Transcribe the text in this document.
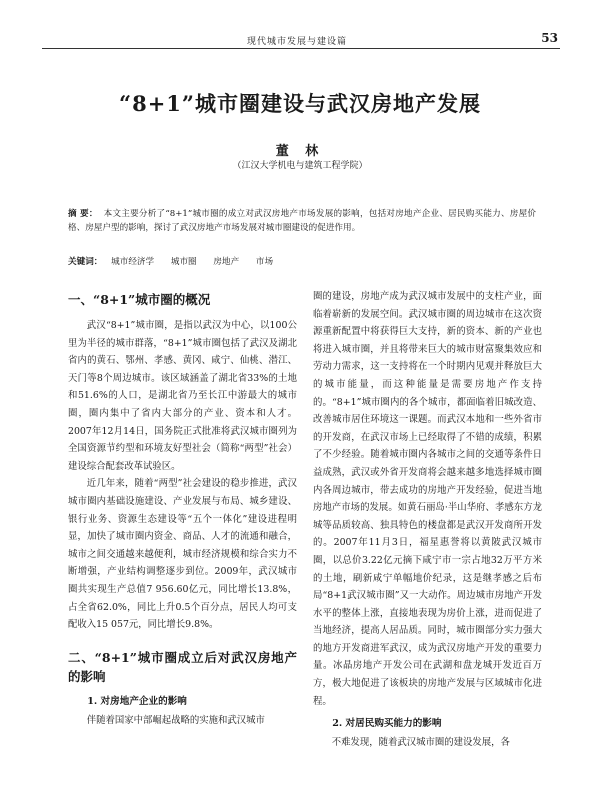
现代城市发展与建设篇	53
“8+1”城市圈建设与武汉房地产发展
董 林
（江汉大学机电与建筑工程学院）
摘 要： 本文主要分析了“8+1”城市圈的成立对武汉房地产市场发展的影响，包括对房地产企业、居民购买能力、房屋价格、房屋户型的影响，探讨了武汉房地产市场发展对城市圈建设的促进作用。
关键词： 城市经济学 城市圈 房地产 市场
一、“8+1”城市圈的概况

武汉“8+1”城市圈，是指以武汉为中心，以100公里为半径的城市群落，“8+1”城市圈包括了武汉及湖北省内的黄石、鄂州、孝感、黄冈、咸宁、仙桃、潜江、天门等8个周边城市。该区域涵盖了湖北省33%的土地和51.6%的人口，是湖北省乃至长江中游最大的城市圈，圈内集中了省内大部分的产业、资本和人才。2007年12月14日，国务院正式批准将武汉城市圈列为全国资源节约型和环境友好型社会（简称“两型”社会）建设综合配套改革试验区。

近几年来，随着“两型”社会建设的稳步推进，武汉城市圈内基础设施建设、产业发展与布局、城乡建设、银行业务、资源生态建设等“五个一体化”建设进程明显，加快了城市圈内资金、商品、人才的流通和融合，城市之间交通越来越便利，城市经济规模和综合实力不断增强，产业结构调整逐步到位。2009年，武汉城市圈共实现生产总值7 956.60亿元，同比增长13.8%，占全省62.0%，同比上升0.5个百分点，居民人均可支配收入15 057元，同比增长9.8%。

二、“8+1”城市圈成立后对武汉房地产的影响
1. 对房地产企业的影响

伴随着国家中部崛起战略的实施和武汉城市

圈的建设，房地产成为武汉城市发展中的支柱产业，面临着崭新的发展空间。武汉城市圈的周边城市在这次资源重新配置中将获得巨大支持，新的资本、新的产业也将进入城市圈，并且将带来巨大的城市财富聚集效应和劳动力需求，这一支持将在一个时期内见观并释放巨大的城市能量，而这种能量是需要房地产作支持的。“8+1”城市圈内的各个城市，都面临着旧城改造、改善城市居住环境这一课题。而武汉本地和一些外省市的开发商，在武汉市场上已经取得了不错的成绩，积累了不少经验。随着城市圈内各城市之间的交通等条件日益成熟，武汉或外省开发商将会越来越多地选择城市圈内各周边城市，带去成功的房地产开发经验，促进当地房地产市场的发展。如黄石丽岛·半山华府、孝感东方龙城等品质较高、独具特色的楼盘都是武汉开发商所开发的。2007年11月3日，福星惠誉将以黄陂武汉城市圈，以总价3.22亿元摘下咸宁市一宗占地32万平方米的土地，刷新咸宁单幅地价纪录，这是继孝感之后布局“8+1武汉城市圈”又一大动作。周边城市房地产开发水平的整体上涨，直接地表现为房价上涨，进而促进了当地经济，提高人居品质。同时，城市圈部分实力强大的地方开发商进军武汉，成为武汉房地产开发的重要力量。冰晶房地产开发公司在武湖和盘龙城开发近百万方，极大地促进了该板块的房地产发展与区域城市化进程。

2. 对居民购买能力的影响

不难发现，随着武汉城市圈的建设发展，各
